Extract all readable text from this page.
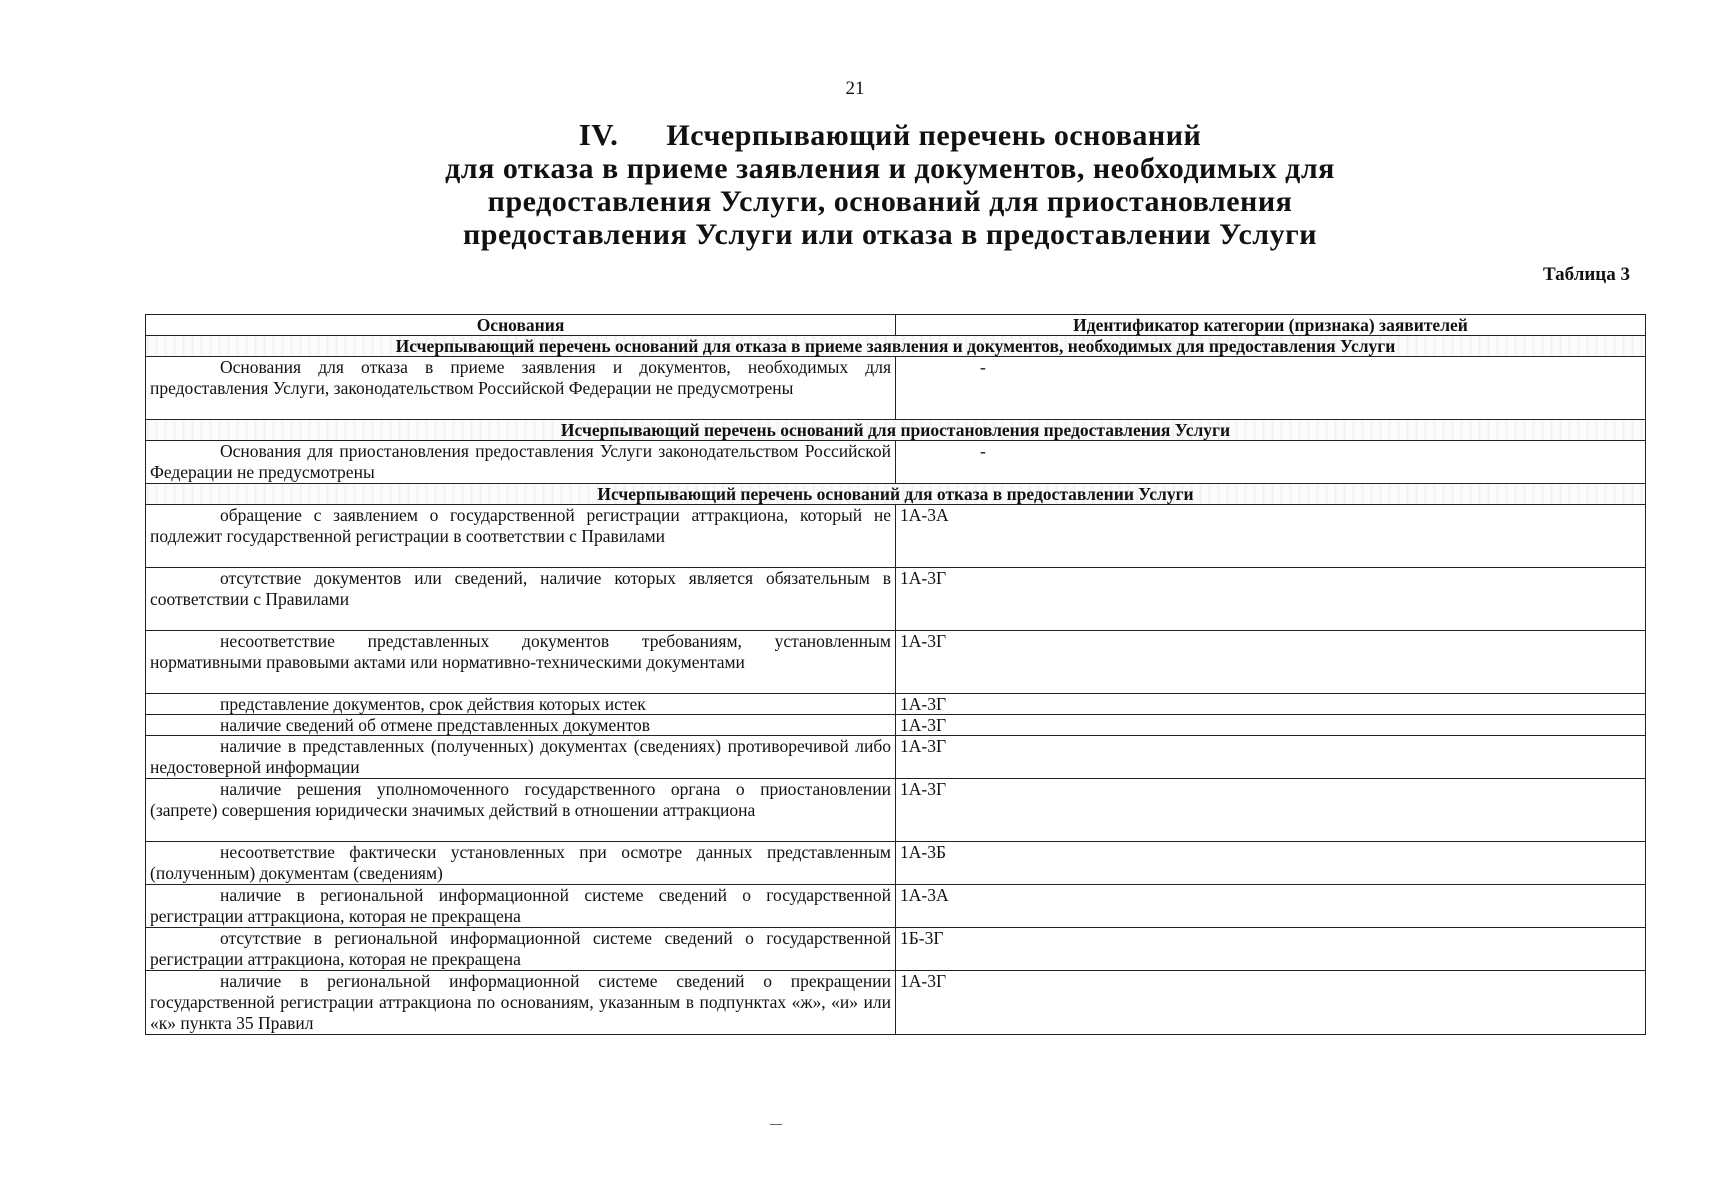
21
IV. Исчерпывающий перечень оснований
для отказа в приеме заявления и документов, необходимых для
предоставления Услуги, оснований для приостановления
предоставления Услуги или отказа в предоставлении Услуги
Таблица 3
Основания	Идентификатор категории (признака) заявителей
Исчерпывающий перечень оснований для отказа в приеме заявления и документов, необходимых для предоставления Услуги	
Основания для отказа в приеме заявления и документов, необходимых для предоставления Услуги, законодательством Российской Федерации не предусмотрены	-
Исчерпывающий перечень оснований для приостановления предоставления Услуги	
Основания для приостановления предоставления Услуги законодательством Российской Федерации не предусмотрены	-
Исчерпывающий перечень оснований для отказа в предоставлении Услуги	
обращение с заявлением о государственной регистрации аттракциона, который не подлежит государственной регистрации в соответствии с Правилами	1А-3А
отсутствие документов или сведений, наличие которых является обязательным в соответствии с Правилами	1А-3Г
несоответствие представленных документов требованиям, установленным нормативными правовыми актами или нормативно-техническими документами	1А-3Г
представление документов, срок действия которых истек	1А-3Г
наличие сведений об отмене представленных документов	1А-3Г
наличие в представленных (полученных) документах (сведениях) противоречивой либо недостоверной информации	1А-3Г
наличие решения уполномоченного государственного органа о приостановлении (запрете) совершения юридически значимых действий в отношении аттракциона	1А-3Г
несоответствие фактически установленных при осмотре данных представленным (полученным) документам (сведениям)	1А-3Б
наличие в региональной информационной системе сведений о государственной регистрации аттракциона, которая не прекращена	1А-3А
отсутствие в региональной информационной системе сведений о государственной регистрации аттракциона, которая не прекращена	1Б-3Г
наличие в региональной информационной системе сведений о прекращении государственной регистрации аттракциона по основаниям, указанным в подпунктах «ж», «и» или «к» пункта 35 Правил	1А-3Г
